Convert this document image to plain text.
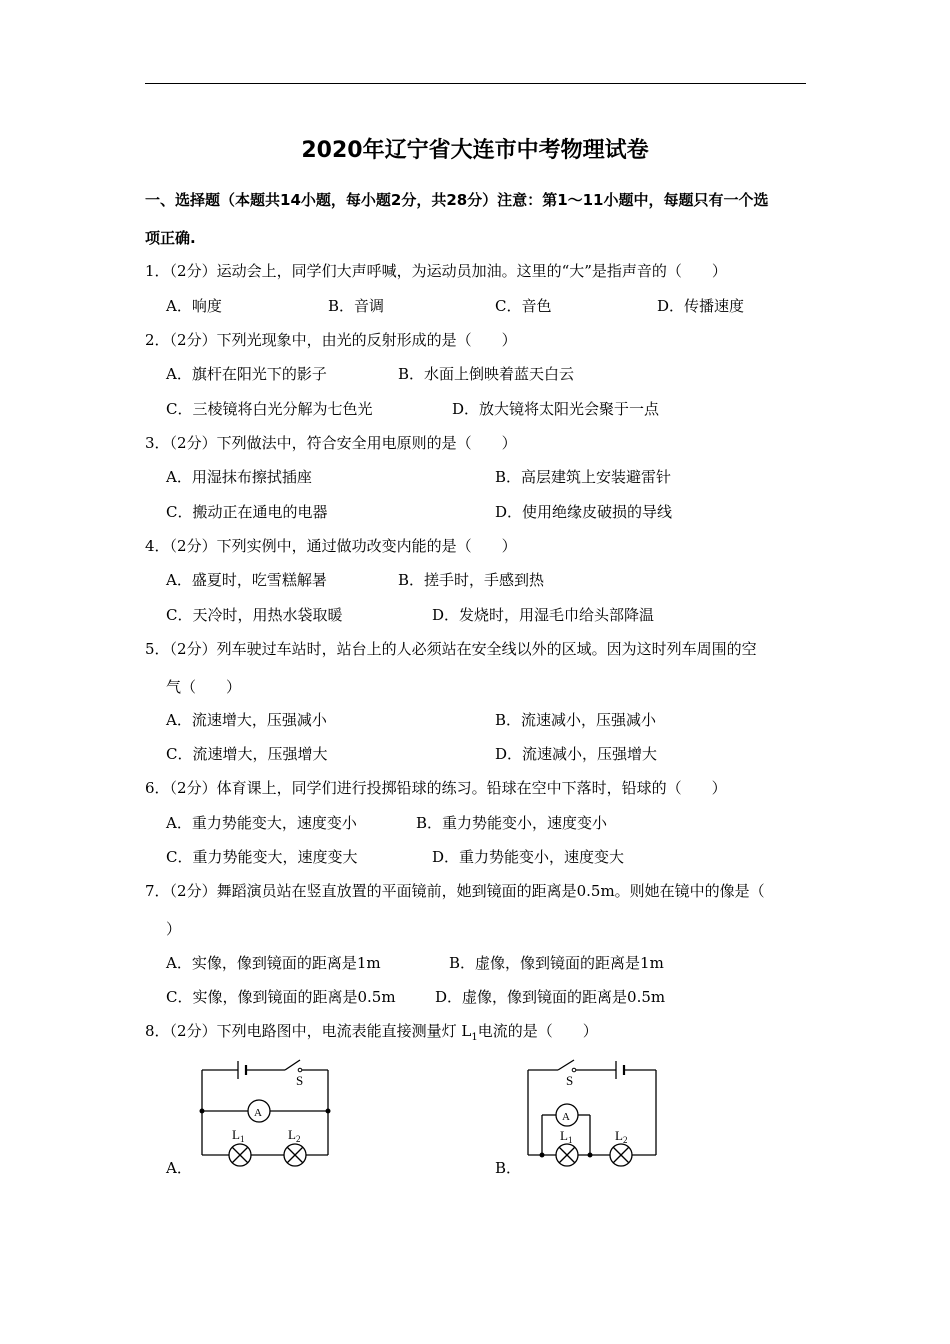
2020年辽宁省大连市中考物理试卷
一、选择题（本题共14小题，每小题2分，共28分）注意：第1～11小题中，每题只有一个选
项正确.
1．（2分）运动会上，同学们大声呼喊，为运动员加油。这里的“大”是指声音的（　　）
A．响度	B．音调	C．音色	D．传播速度
2．（2分）下列光现象中，由光的反射形成的是（　　）
A．旗杆在阳光下的影子	B．水面上倒映着蓝天白云
C．三棱镜将白光分解为七色光	D．放大镜将太阳光会聚于一点
3．（2分）下列做法中，符合安全用电原则的是（　　）
A．用湿抹布擦拭插座	B．高层建筑上安装避雷针
C．搬动正在通电的电器	D．使用绝缘皮破损的导线
4．（2分）下列实例中，通过做功改变内能的是（　　）
A．盛夏时，吃雪糕解暑	B．搓手时，手感到热
C．天冷时，用热水袋取暖	D．发烧时，用湿毛巾给头部降温
5．（2分）列车驶过车站时，站台上的人必须站在安全线以外的区域。因为这时列车周围的空
气（　　）
A．流速增大，压强减小	B．流速减小，压强减小
C．流速增大，压强增大	D．流速减小，压强增大
6．（2分）体育课上，同学们进行投掷铅球的练习。铅球在空中下落时，铅球的（　　）
A．重力势能变大，速度变小	B．重力势能变小，速度变小
C．重力势能变大，速度变大	D．重力势能变小，速度变大
7．（2分）舞蹈演员站在竖直放置的平面镜前，她到镜面的距离是0.5m。则她在镜中的像是（
）
A．实像，像到镜面的距离是1m	B．虚像，像到镜面的距离是1m
C．实像，像到镜面的距离是0.5m	D．虚像，像到镜面的距离是0.5m
8．（2分）下列电路图中，电流表能直接测量灯 $L_1$电流的是（　　）
A．	B．
S
A
$L_1$	$L_2$
S
A
$L_1$	$L_2$
